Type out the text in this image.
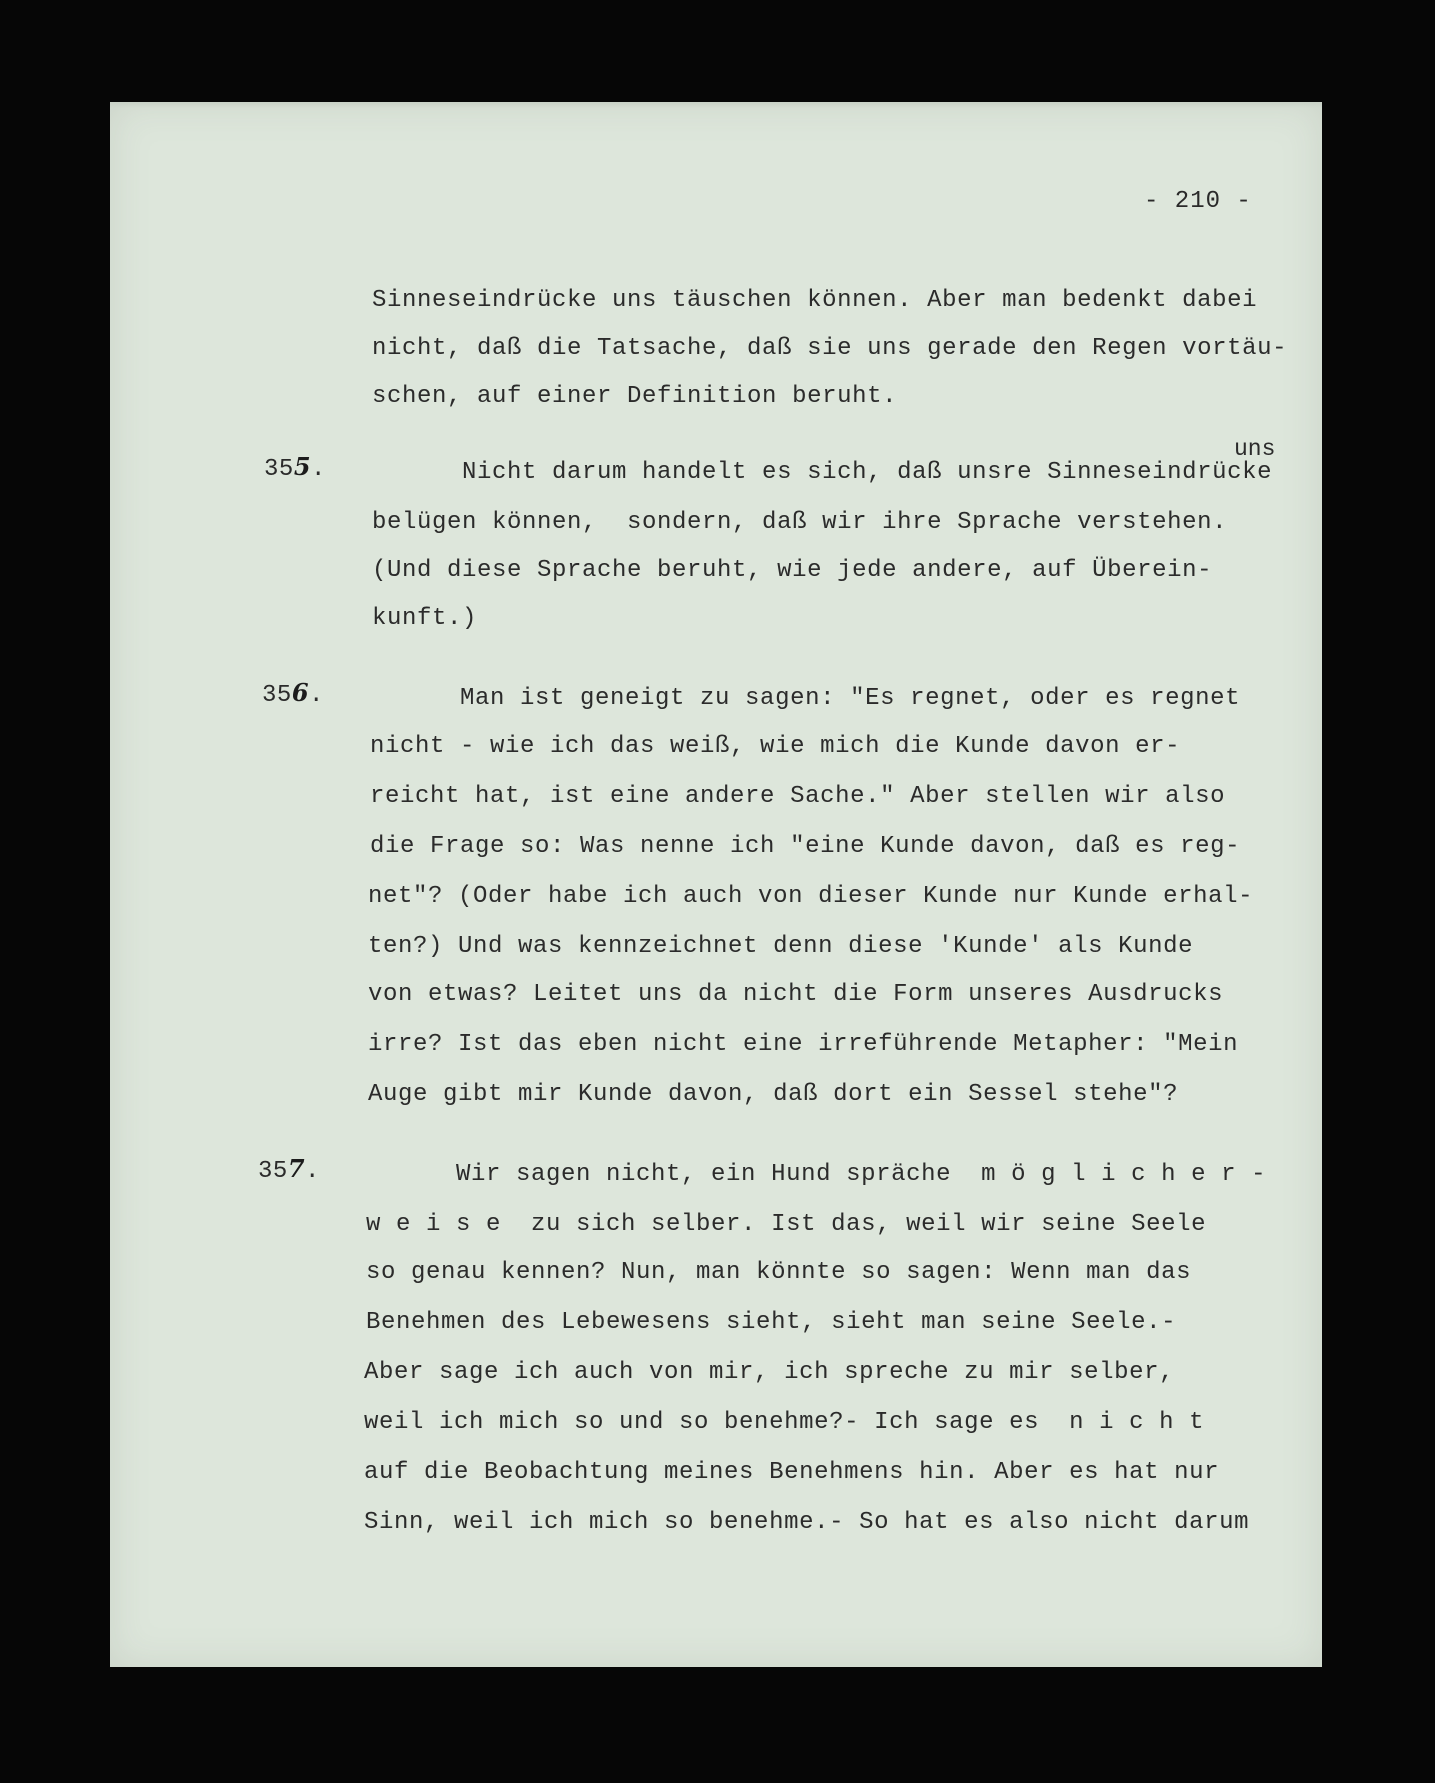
- 210 -
Sinneseindrücke uns täuschen können. Aber man bedenkt dabei
nicht, daß die Tatsache, daß sie uns gerade den Regen vortäu-
schen, auf einer Definition beruht.
355.
uns
Nicht darum handelt es sich, daß unsre Sinneseindrücke
belügen können,  sondern, daß wir ihre Sprache verstehen.
(Und diese Sprache beruht, wie jede andere, auf Überein-
kunft.)
356. Man ist geneigt zu sagen: "Es regnet, oder es regnet
nicht - wie ich das weiß, wie mich die Kunde davon er-
reicht hat, ist eine andere Sache." Aber stellen wir also
die Frage so: Was nenne ich "eine Kunde davon, daß es reg-
net"? (Oder habe ich auch von dieser Kunde nur Kunde erhal-
ten?) Und was kennzeichnet denn diese 'Kunde' als Kunde
von etwas? Leitet uns da nicht die Form unseres Ausdrucks
irre? Ist das eben nicht eine irreführende Metapher: "Mein
Auge gibt mir Kunde davon, daß dort ein Sessel stehe"?
357. Wir sagen nicht, ein Hund spräche  m ö g l i c h e r -
w e i s e  zu sich selber. Ist das, weil wir seine Seele
so genau kennen? Nun, man könnte so sagen: Wenn man das
Benehmen des Lebewesens sieht, sieht man seine Seele.-
Aber sage ich auch von mir, ich spreche zu mir selber,
weil ich mich so und so benehme?- Ich sage es  n i c h t
auf die Beobachtung meines Benehmens hin. Aber es hat nur
Sinn, weil ich mich so benehme.- So hat es also nicht darum
